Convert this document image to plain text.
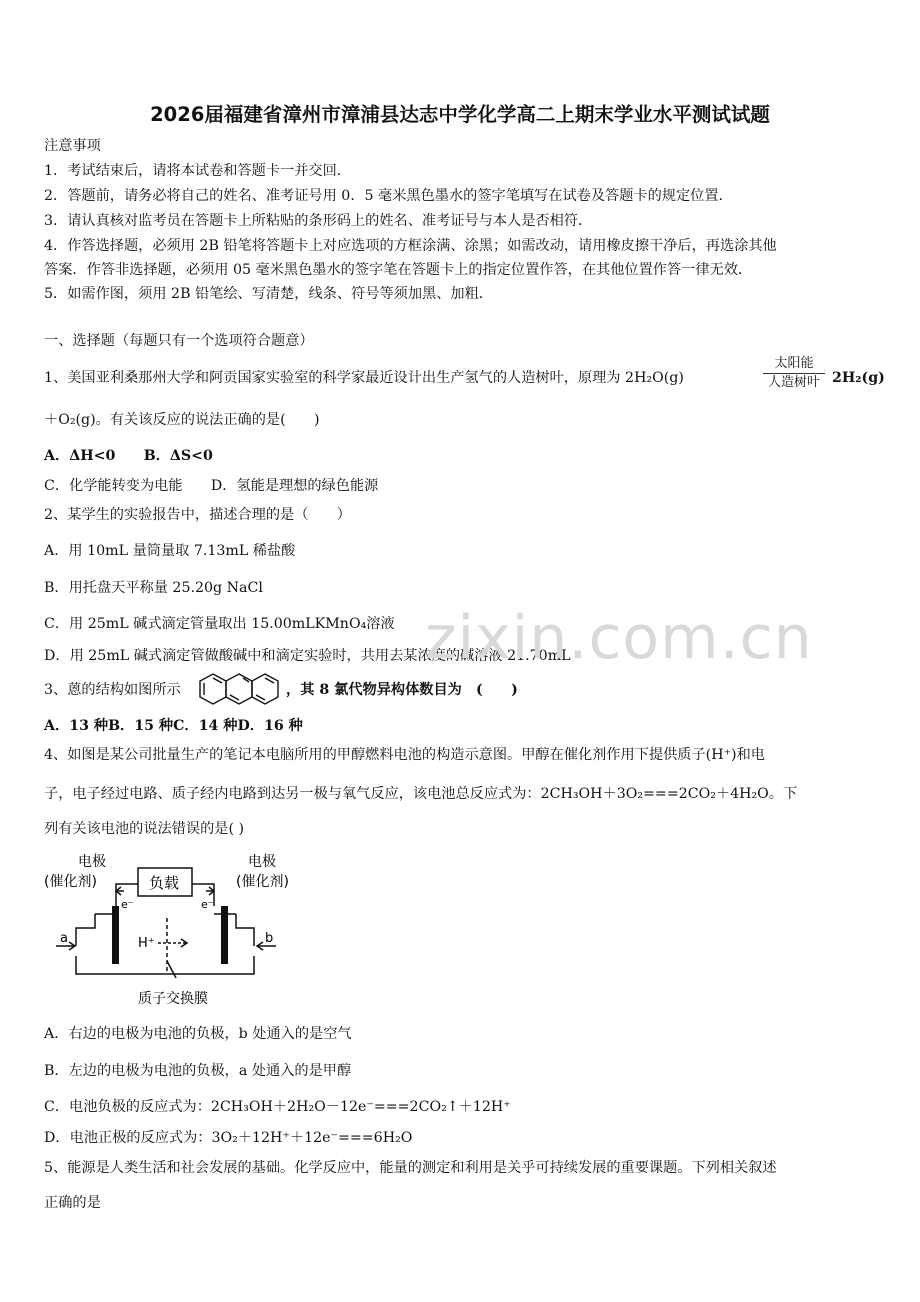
2026届福建省漳州市漳浦县达志中学化学高二上期末学业水平测试试题
注意事项
1．考试结束后，请将本试卷和答题卡一并交回．
2．答题前，请务必将自己的姓名、准考证号用 0．5 毫米黑色墨水的签字笔填写在试卷及答题卡的规定位置．
3．请认真核对监考员在答题卡上所粘贴的条形码上的姓名、准考证号与本人是否相符．
4．作答选择题，必须用 2B 铅笔将答题卡上对应选项的方框涂满、涂黑；如需改动，请用橡皮擦干净后，再选涂其他
答案．作答非选择题，必须用 05 毫米黑色墨水的签字笔在答题卡上的指定位置作答，在其他位置作答一律无效．
5．如需作图，须用 2B 铅笔绘、写清楚，线条、符号等须加黑、加粗．
一、选择题（每题只有一个选项符合题意）
1、美国亚利桑那州大学和阿贡国家实验室的科学家最近设计出生产氢气的人造树叶，原理为 2H₂O(g)
太阳能
人造树叶 2H₂(g)
＋O₂(g)。有关该反应的说法正确的是(　　)
A．ΔH<0　　B．ΔS<0
C．化学能转变为电能　　D．氢能是理想的绿色能源
2、某学生的实验报告中，描述合理的是（　　）
A．用 10mL 量筒量取 7.13mL 稀盐酸
B．用托盘天平称量 25.20g NaCl
C．用 25mL 碱式滴定管量取出 15.00mLKMnO₄溶液
D．用 25mL 碱式滴定管做酸碱中和滴定实验时，共用去某浓度的碱溶液 21.70mL
3、蒽的结构如图所示	，其 8 氯代物异构体数目为　(　　)
A．13 种B．15 种C．14 种D．16 种
4、如图是某公司批量生产的笔记本电脑所用的甲醇燃料电池的构造示意图。甲醇在催化剂作用下提供质子(H⁺)和电
子，电子经过电路、质子经内电路到达另一极与氧气反应，该电池总反应式为：2CH₃OH＋3O₂===2CO₂＋4H₂O。下
列有关该电池的说法错误的是( )
电极
(催化剂)
电极
(催化剂)
负载
e⁻	e⁻
a	b
H⁺
质子交换膜
A．右边的电极为电池的负极，b 处通入的是空气
B．左边的电极为电池的负极，a 处通入的是甲醇
C．电池负极的反应式为：2CH₃OH＋2H₂O－12e⁻===2CO₂↑＋12H⁺
D．电池正极的反应式为：3O₂＋12H⁺＋12e⁻===6H₂O
5、能源是人类生活和社会发展的基础。化学反应中，能量的测定和利用是关乎可持续发展的重要课题。下列相关叙述
正确的是
zixin.com.cn
